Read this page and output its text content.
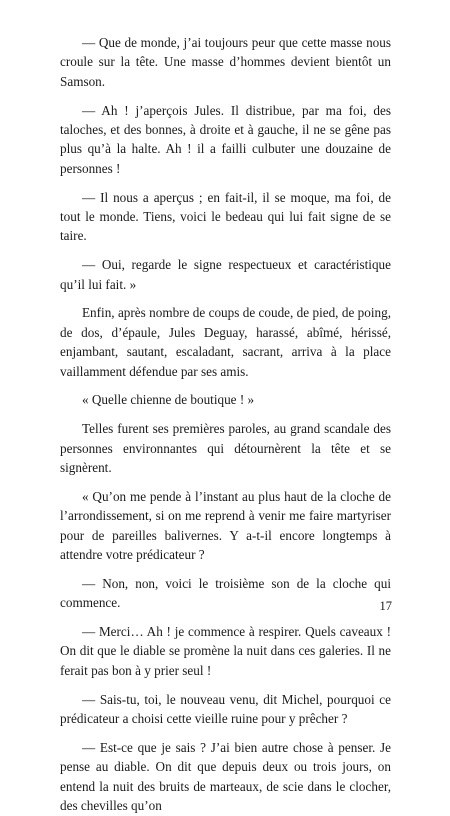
— Que de monde, j’ai toujours peur que cette masse nous croule sur la tête. Une masse d’hommes devient bientôt un Samson.

— Ah ! j’aperçois Jules. Il distribue, par ma foi, des taloches, et des bonnes, à droite et à gauche, il ne se gêne pas plus qu’à la halte. Ah ! il a failli culbuter une douzaine de personnes !

— Il nous a aperçus ; en fait-il, il se moque, ma foi, de tout le monde. Tiens, voici le bedeau qui lui fait signe de se taire.

— Oui, regarde le signe respectueux et caractéristique qu’il lui fait. »

Enfin, après nombre de coups de coude, de pied, de poing, de dos, d’épaule, Jules Deguay, harassé, abîmé, hérissé, enjambant, sautant, escaladant, sacrant, arriva à la place vaillamment défendue par ses amis.

« Quelle chienne de boutique ! »

Telles furent ses premières paroles, au grand scandale des personnes environnantes qui détournèrent la tête et se signèrent.

« Qu’on me pende à l’instant au plus haut de la cloche de l’arrondissement, si on me reprend à venir me faire martyriser pour de pareilles balivernes. Y a-t-il encore longtemps à attendre votre prédicateur ?

— Non, non, voici le troisième son de la cloche qui commence.

— Merci… Ah ! je commence à respirer. Quels caveaux ! On dit que le diable se promène la nuit dans ces galeries. Il ne ferait pas bon à y prier seul !

— Sais-tu, toi, le nouveau venu, dit Michel, pourquoi ce prédicateur a choisi cette vieille ruine pour y prêcher ?

— Est-ce que je sais ? J’ai bien autre chose à penser. Je pense au diable. On dit que depuis deux ou trois jours, on entend la nuit des bruits de marteaux, de scie dans le clocher, des chevilles qu’on

17
